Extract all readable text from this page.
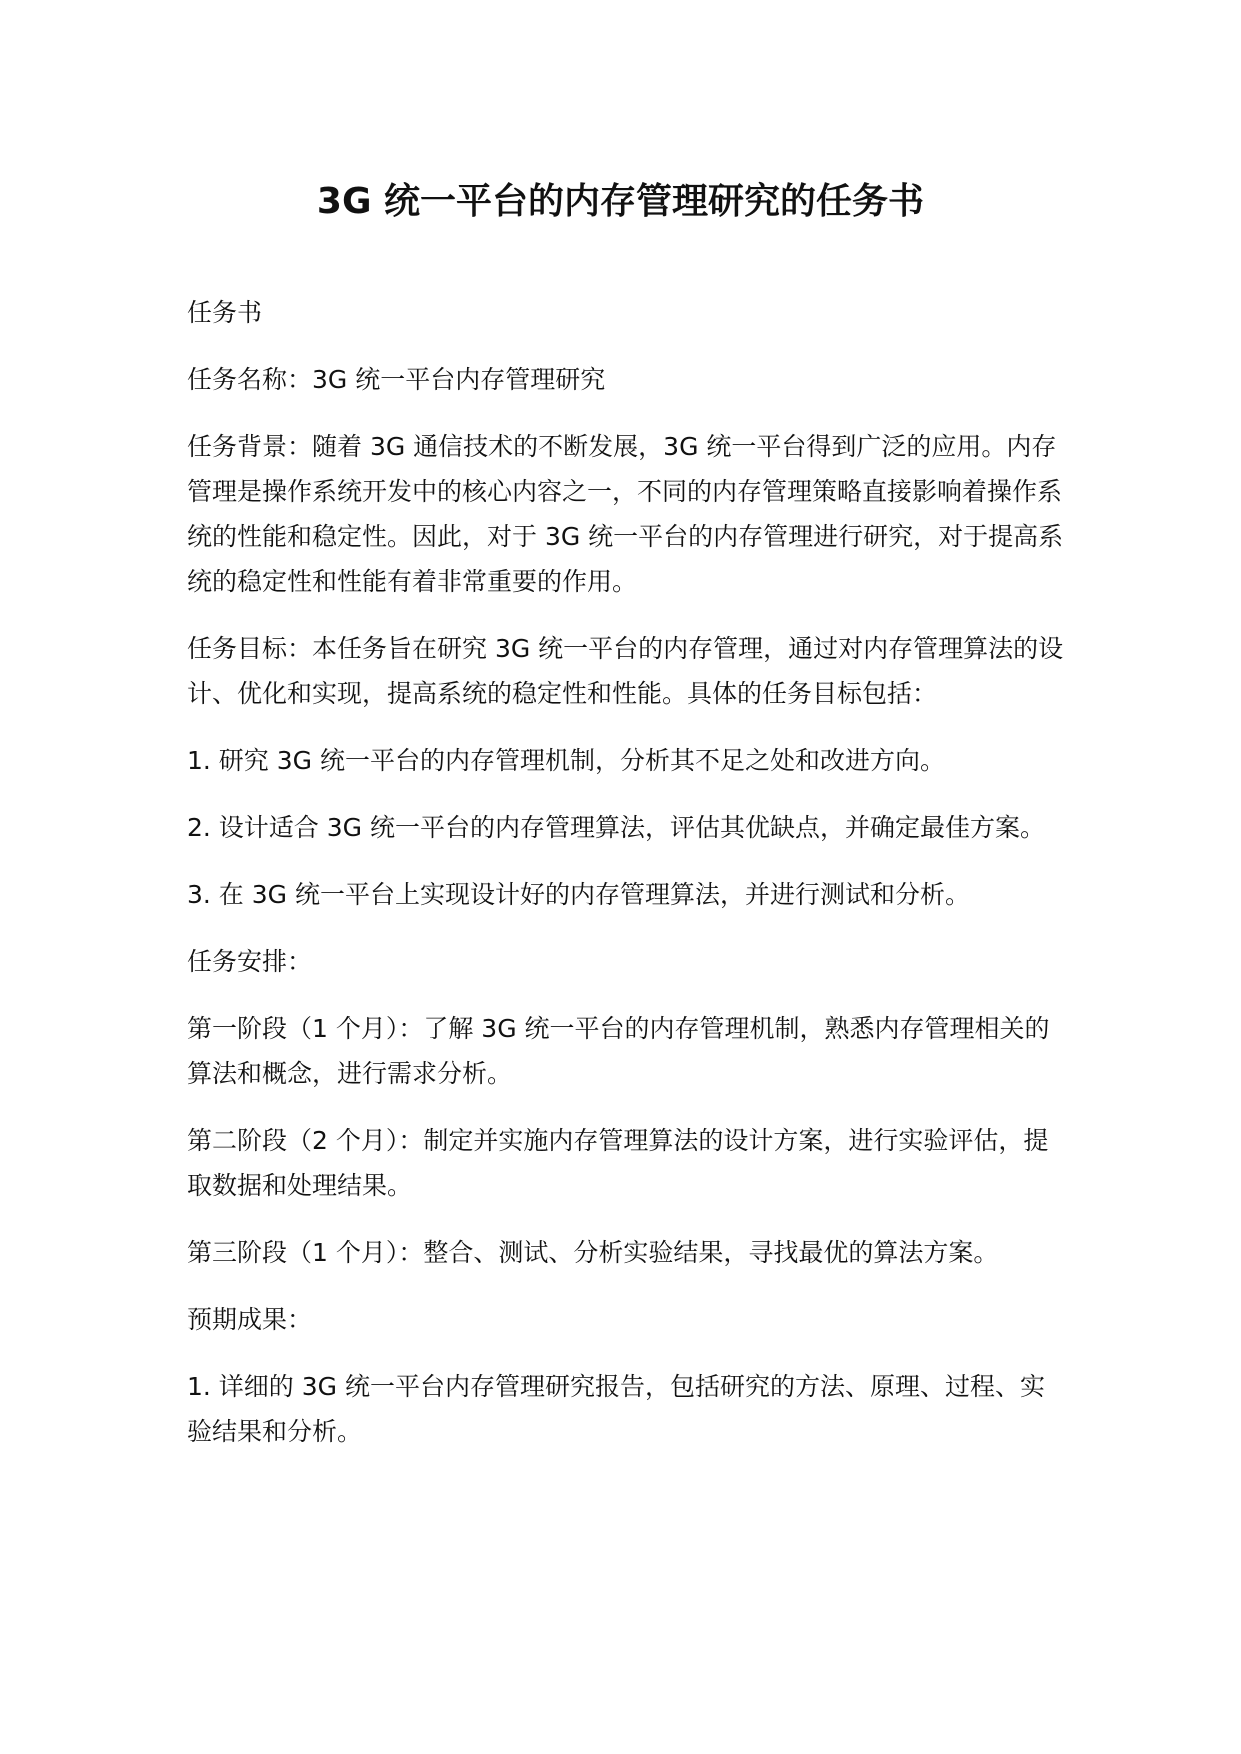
3G 统一平台的内存管理研究的任务书

任务书

任务名称：3G 统一平台内存管理研究

任务背景：随着 3G 通信技术的不断发展，3G 统一平台得到广泛的应用。内存管理是操作系统开发中的核心内容之一，不同的内存管理策略直接影响着操作系统的性能和稳定性。因此，对于 3G 统一平台的内存管理进行研究，对于提高系统的稳定性和性能有着非常重要的作用。

任务目标：本任务旨在研究 3G 统一平台的内存管理，通过对内存管理算法的设计、优化和实现，提高系统的稳定性和性能。具体的任务目标包括：

1. 研究 3G 统一平台的内存管理机制，分析其不足之处和改进方向。

2. 设计适合 3G 统一平台的内存管理算法，评估其优缺点，并确定最佳方案。

3. 在 3G 统一平台上实现设计好的内存管理算法，并进行测试和分析。

任务安排：

第一阶段（1 个月）：了解 3G 统一平台的内存管理机制，熟悉内存管理相关的算法和概念，进行需求分析。

第二阶段（2 个月）：制定并实施内存管理算法的设计方案，进行实验评估，提取数据和处理结果。

第三阶段（1 个月）：整合、测试、分析实验结果，寻找最优的算法方案。

预期成果：

1. 详细的 3G 统一平台内存管理研究报告，包括研究的方法、原理、过程、实验结果和分析。
